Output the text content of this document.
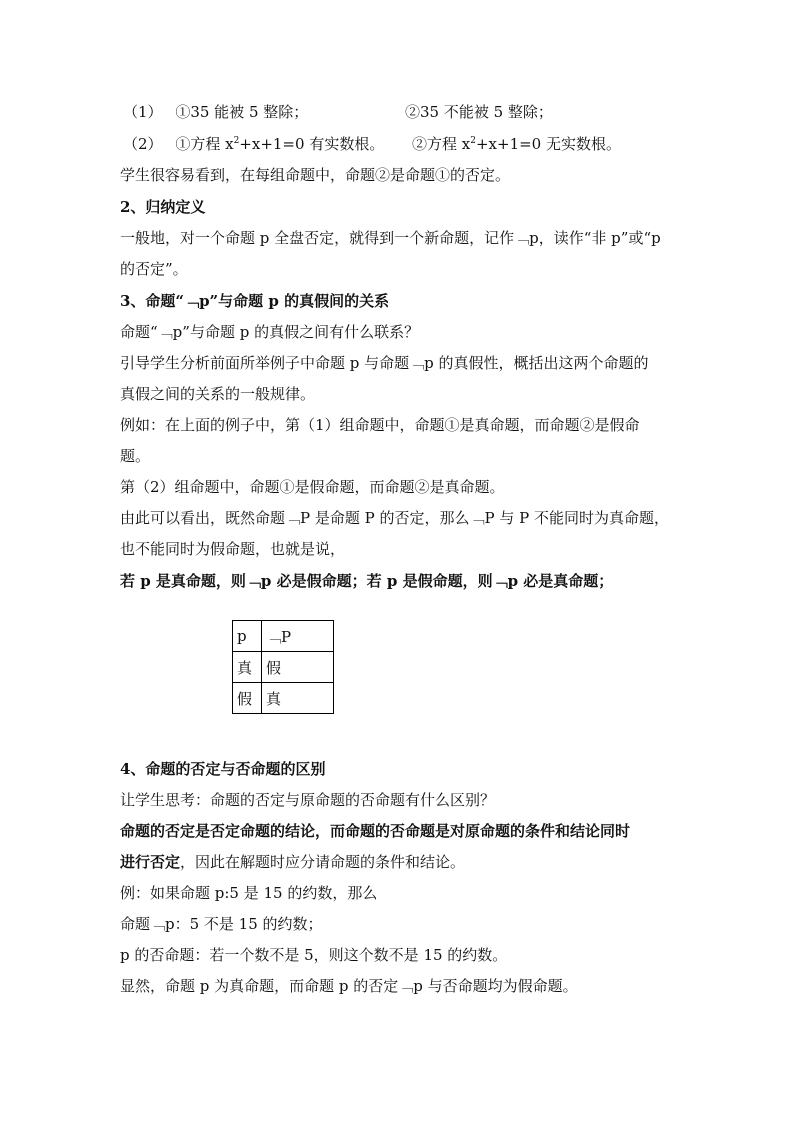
（1） ①35 能被 5 整除；	②35 不能被 5 整除；
（2） ①方程 $x^2+x+1=0$ 有实数根。 ②方程 $x^2+x+1=0$ 无实数根。
学生很容易看到，在每组命题中，命题②是命题①的否定。
2、归纳定义
一般地，对一个命题 p 全盘否定，就得到一个新命题，记作﹁p，读作“非 p”或“p
的否定”。
3、命题“﹁p”与命题 p 的真假间的关系
命题“﹁p”与命题 p 的真假之间有什么联系？
引导学生分析前面所举例子中命题 p 与命题﹁p 的真假性，概括出这两个命题的
真假之间的关系的一般规律。
例如：在上面的例子中，第（1）组命题中，命题①是真命题，而命题②是假命
题。
第（2）组命题中，命题①是假命题，而命题②是真命题。
由此可以看出，既然命题﹁P 是命题 P 的否定，那么﹁P 与 P 不能同时为真命题，
也不能同时为假命题，也就是说，
若 p 是真命题，则﹁p 必是假命题；若 p 是假命题，则﹁p 必是真命题；
p	﹁P
真	假
假	真
4、命题的否定与否命题的区别
让学生思考：命题的否定与原命题的否命题有什么区别？
命题的否定是否定命题的结论，而命题的否命题是对原命题的条件和结论同时
进行否定，因此在解题时应分请命题的条件和结论。
例：如果命题 p:5 是 15 的约数，那么
命题﹁p：5 不是 15 的约数；
p 的否命题：若一个数不是 5，则这个数不是 15 的约数。
显然，命题 p 为真命题，而命题 p 的否定﹁p 与否命题均为假命题。
